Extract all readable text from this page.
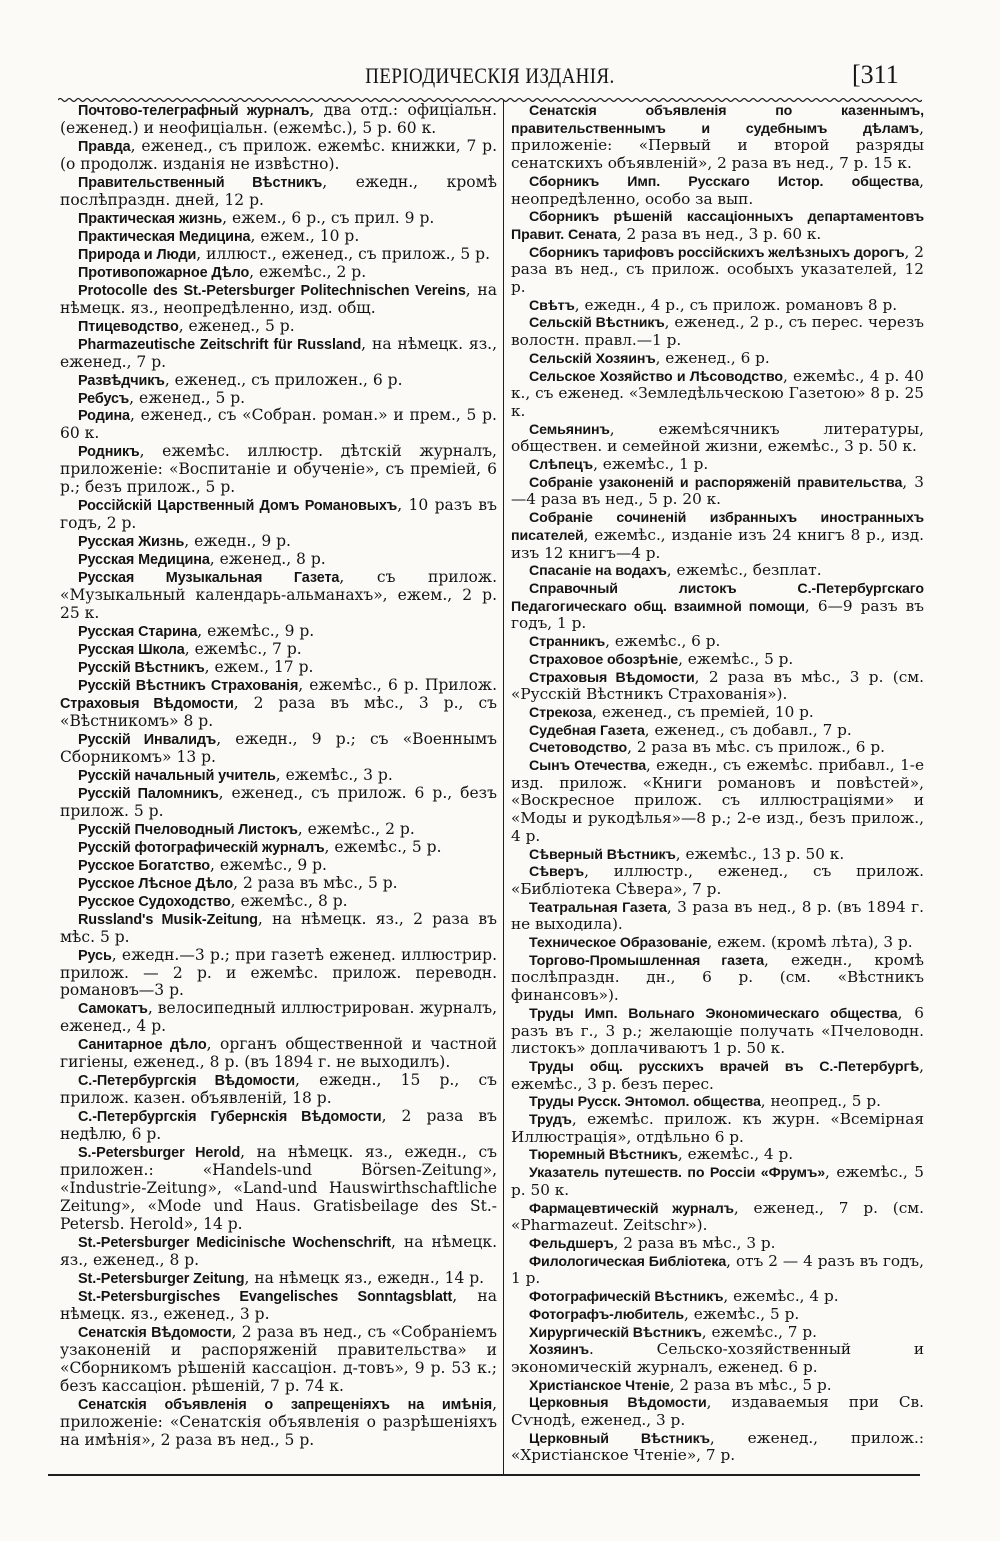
ПЕРІОДИЧЕСКІЯ ИЗДАНІЯ.	[311

Почтово-телеграфный журналъ, два отд.: офиціальн. (еженед.) и неофиціальн. (ежемѣс.), 5 р. 60 к.

Правда, еженед., съ прилож. ежемѣс. книжки, 7 р. (о продолж. изданія не извѣстно).

Правительственный Вѣстникъ, ежедн., кромѣ послѣпраздн. дней, 12 р.

Практическая жизнь, ежем., 6 р., съ прил. 9 р.

Практическая Медицина, ежем., 10 р.

Природа и Люди, иллюст., еженед., съ прилож., 5 р.

Противопожарное Дѣло, ежемѣс., 2 р.

Protocolle des St.-Petersburger Politechnischen Vereins, на нѣмецк. яз., неопредѣленно, изд. общ.

Птицеводство, еженед., 5 р.

Pharmazeutische Zeitschrift für Russland, на нѣмецк. яз., еженед., 7 р.

Развѣдчикъ, еженед., съ приложен., 6 р.

Ребусъ, еженед., 5 р.

Родина, еженед., съ «Собран. роман.» и прем., 5 р. 60 к.

Родникъ, ежемѣс. иллюстр. дѣтскій журналъ, приложеніе: «Воспитаніе и обученіе», съ преміей, 6 р.; безъ прилож., 5 р.

Россійскій Царственный Домъ Романовыхъ, 10 разъ въ годъ, 2 р.

Русская Жизнь, ежедн., 9 р.

Русская Медицина, еженед., 8 р.

Русская Музыкальная Газета, съ прилож. «Музыкальный календарь-альманахъ», ежем., 2 р. 25 к.

Русская Старина, ежемѣс., 9 р.

Русская Школа, ежемѣс., 7 р.

Русскій Вѣстникъ, ежем., 17 р.

Русскій Вѣстникъ Страхованія, ежемѣс., 6 р. Прилож. Страховыя Вѣдомости, 2 раза въ мѣс., 3 р., съ «Вѣстникомъ» 8 р.

Русскій Инвалидъ, ежедн., 9 р.; съ «Военнымъ Сборникомъ» 13 р.

Русскій начальный учитель, ежемѣс., 3 р.

Русскій Паломникъ, еженед., съ прилож. 6 р., безъ прилож. 5 р.

Русскій Пчеловодный Листокъ, ежемѣс., 2 р.

Русскій фотографическій журналъ, ежемѣс., 5 р.

Русское Богатство, ежемѣс., 9 р.

Русское Лѣсное Дѣло, 2 раза въ мѣс., 5 р.

Русское Судоходство, ежемѣс., 8 р.

Russland's Musik-Zeitung, на нѣмецк. яз., 2 раза въ мѣс. 5 р.

Русь, ежедн.—3 р.; при газетѣ еженед. иллюстрир. прилож. — 2 р. и ежемѣс. прилож. переводн. романовъ—3 р.

Самокатъ, велосипедный иллюстрирован. журналъ, еженед., 4 р.

Санитарное дѣло, органъ общественной и частной гигіены, еженед., 8 р. (въ 1894 г. не выходилъ).

С.-Петербургскія Вѣдомости, ежедн., 15 р., съ прилож. казен. объявленій, 18 р.

С.-Петербургскія Губернскія Вѣдомости, 2 раза въ недѣлю, 6 р.

S.-Petersburger Herold, на нѣмецк. яз., ежедн., съ приложен.: «Handels-und Börsen-Zeitung», «Industrie-Zeitung», «Land-und Hauswirthschaftliche Zeitung», «Mode und Haus. Gratisbeilage des St.-Petersb. Herold», 14 р.

St.-Petersburger Medicinische Wochenschrift, на нѣмецк. яз., еженед., 8 р.

St.-Petersburger Zeitung, на нѣмецк яз., ежедн., 14 р.

St.-Petersburgisches Evangelisches Sonntagsblatt, на нѣмецк. яз., еженед., 3 р.

Сенатскія Вѣдомости, 2 раза въ нед., съ «Собраніемъ узаконеній и распоряженій правительства» и «Сборникомъ рѣшеній кассаціон. д-товъ», 9 р. 53 к.; безъ кассаціон. рѣшеній, 7 р. 74 к.

Сенатскія объявленія о запрещеніяхъ на имѣнія, приложеніе: «Сенатскія объявленія о разрѣшеніяхъ на имѣнія», 2 раза въ нед., 5 р.

Сенатскія объявленія по казеннымъ, правительственнымъ и судебнымъ дѣламъ, приложеніе: «Первый и второй разряды сенатскихъ объявленій», 2 раза въ нед., 7 р. 15 к.

Сборникъ Имп. Русскаго Истор. общества, неопредѣленно, особо за вып.

Сборникъ рѣшеній кассаціонныхъ департаментовъ Правит. Сената, 2 раза въ нед., 3 р. 60 к.

Сборникъ тарифовъ россійскихъ желѣзныхъ дорогъ, 2 раза въ нед., съ прилож. особыхъ указателей, 12 р.

Свѣтъ, ежедн., 4 р., съ прилож. романовъ 8 р.

Сельскій Вѣстникъ, еженед., 2 р., съ перес. черезъ волостн. правл.—1 р.

Сельскій Хозяинъ, еженед., 6 р.

Сельское Хозяйство и Лѣсоводство, ежемѣс., 4 р. 40 к., съ еженед. «Земледѣльческою Газетою» 8 р. 25 к.

Семьянинъ, ежемѣсячникъ литературы, обществен. и семейной жизни, ежемѣс., 3 р. 50 к.

Слѣпецъ, ежемѣс., 1 р.

Собраніе узаконеній и распоряженій правительства, 3—4 раза въ нед., 5 р. 20 к.

Собраніе сочиненій избранныхъ иностранныхъ писателей, ежемѣс., изданіе изъ 24 книгъ 8 р., изд. изъ 12 книгъ—4 р.

Спасаніе на водахъ, ежемѣс., безплат.

Справочный листокъ С.-Петербургскаго Педагогическаго общ. взаимной помощи, 6—9 разъ въ годъ, 1 р.

Странникъ, ежемѣс., 6 р.

Страховое обозрѣніе, ежемѣс., 5 р.

Страховыя Вѣдомости, 2 раза въ мѣс., 3 р. (см. «Русскій Вѣстникъ Страхованія»).

Стрекоза, еженед., съ преміей, 10 р.

Судебная Газета, еженед., съ добавл., 7 р.

Счетоводство, 2 раза въ мѣс. съ прилож., 6 р.

Сынъ Отечества, ежедн., съ ежемѣс. прибавл., 1-е изд. прилож. «Книги романовъ и повѣстей», «Воскресное прилож. съ иллюстраціями» и «Моды и рукодѣлья»—8 р.; 2-е изд., безъ прилож., 4 р.

Сѣверный Вѣстникъ, ежемѣс., 13 р. 50 к.

Сѣверъ, иллюстр., еженед., съ прилож. «Библіотека Сѣвера», 7 р.

Театральная Газета, 3 раза въ нед., 8 р. (въ 1894 г. не выходила).

Техническое Образованіе, ежем. (кромѣ лѣта), 3 р.

Торгово-Промышленная газета, ежедн., кромѣ послѣпраздн. дн., 6 р. (см. «Вѣстникъ финансовъ»).

Труды Имп. Вольнаго Экономическаго общества, 6 разъ въ г., 3 р.; желающіе получать «Пчеловодн. листокъ» доплачиваютъ 1 р. 50 к.

Труды общ. русскихъ врачей въ С.-Петербургѣ, ежемѣс., 3 р. безъ перес.

Труды Русск. Энтомол. общества, неопред., 5 р.

Трудъ, ежемѣс. прилож. къ журн. «Всемірная Иллюстрація», отдѣльно 6 р.

Тюремный Вѣстникъ, ежемѣс., 4 р.

Указатель путешеств. по Россіи «Фрумъ», ежемѣс., 5 р. 50 к.

Фармацевтическій журналъ, еженед., 7 р. (см. «Pharmazeut. Zeitschr»).

Фельдшеръ, 2 раза въ мѣс., 3 р.

Филологическая Библіотека, отъ 2 — 4 разъ въ годъ, 1 р.

Фотографическій Вѣстникъ, ежемѣс., 4 р.

Фотографъ-любитель, ежемѣс., 5 р.

Хирургическій Вѣстникъ, ежемѣс., 7 р.

Хозяинъ. Сельско-хозяйственный и экономическій журналъ, еженед. 6 р.

Христіанское Чтеніе, 2 раза въ мѣс., 5 р.

Церковныя Вѣдомости, издаваемыя при Св. Сѵнодѣ, еженед., 3 р.

Церковный Вѣстникъ, еженед., прилож.: «Христіанское Чтеніе», 7 р.
